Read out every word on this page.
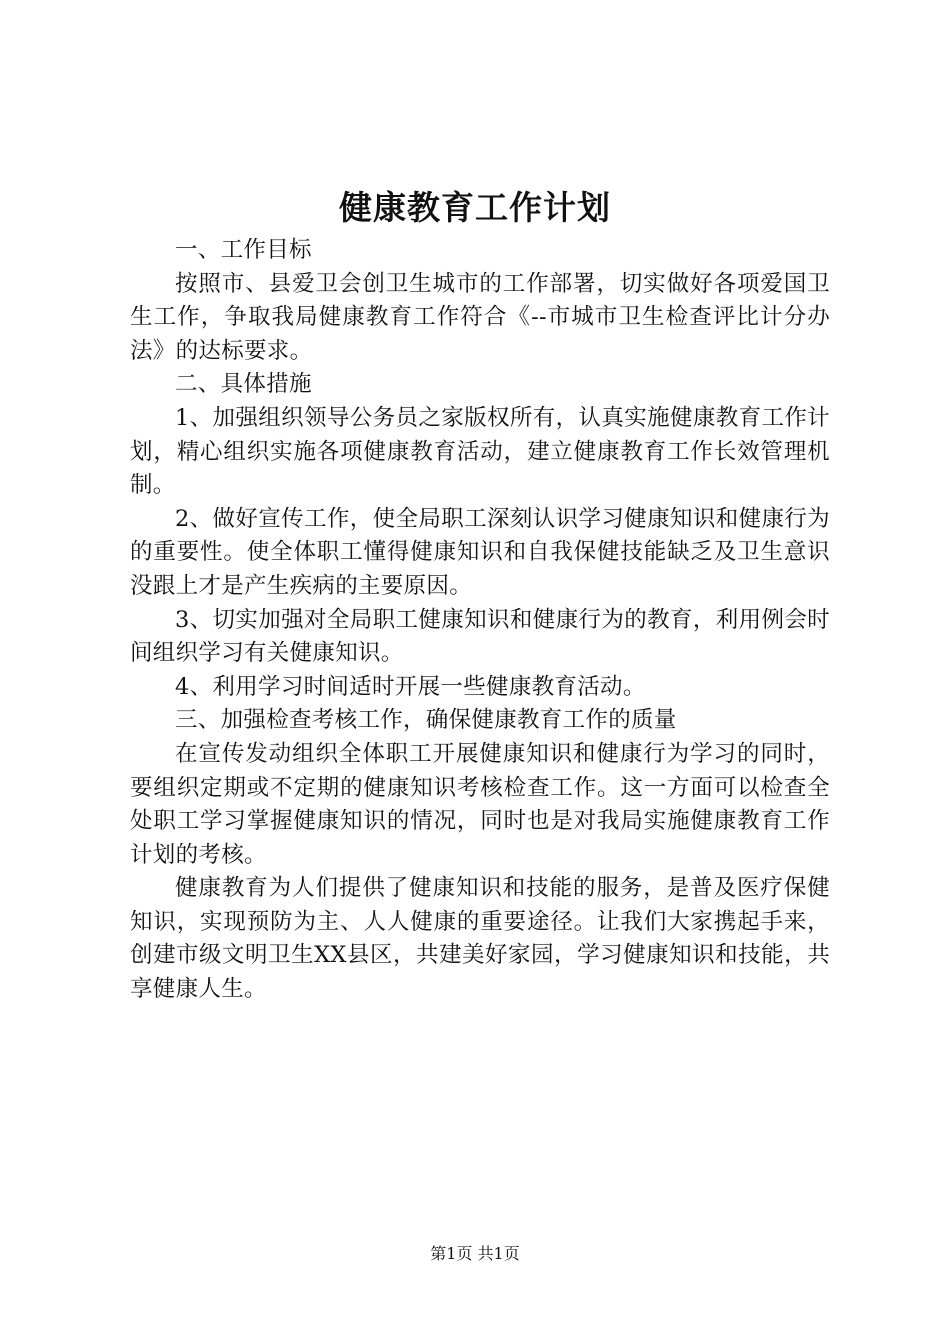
健康教育工作计划

一、工作目标

按照市、县爱卫会创卫生城市的工作部署，切实做好各项爱国卫生工作，争取我局健康教育工作符合《--市城市卫生检查评比计分办法》的达标要求。

二、具体措施

1、加强组织领导公务员之家版权所有，认真实施健康教育工作计划，精心组织实施各项健康教育活动，建立健康教育工作长效管理机制。

2、做好宣传工作，使全局职工深刻认识学习健康知识和健康行为的重要性。使全体职工懂得健康知识和自我保健技能缺乏及卫生意识没跟上才是产生疾病的主要原因。

3、切实加强对全局职工健康知识和健康行为的教育，利用例会时间组织学习有关健康知识。

4、利用学习时间适时开展一些健康教育活动。

三、加强检查考核工作，确保健康教育工作的质量

在宣传发动组织全体职工开展健康知识和健康行为学习的同时，要组织定期或不定期的健康知识考核检查工作。这一方面可以检查全处职工学习掌握健康知识的情况，同时也是对我局实施健康教育工作计划的考核。

健康教育为人们提供了健康知识和技能的服务，是普及医疗保健知识，实现预防为主、人人健康的重要途径。让我们大家携起手来，创建市级文明卫生XX县区，共建美好家园，学习健康知识和技能，共享健康人生。

第1页 共1页
